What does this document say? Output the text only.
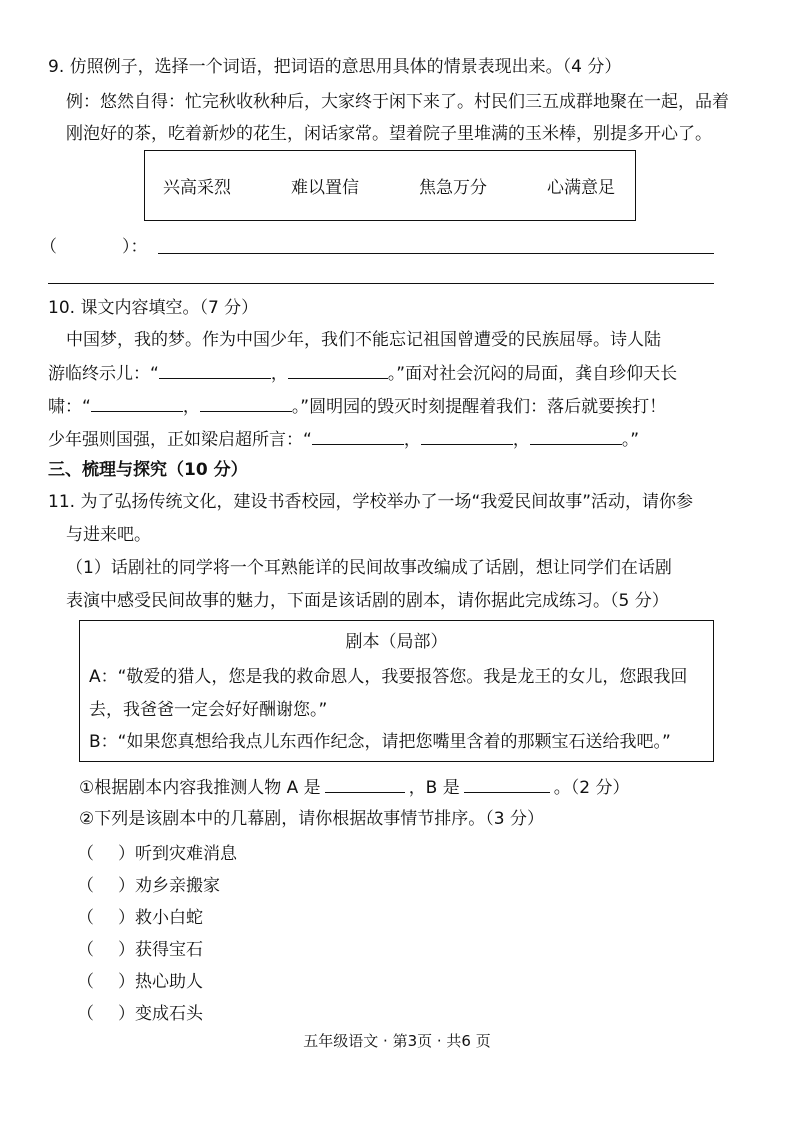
9. 仿照例子，选择一个词语，把词语的意思用具体的情景表现出来。（4 分）
例：悠然自得：忙完秋收秋种后，大家终于闲下来了。村民们三五成群地聚在一起，品着
刚泡好的茶，吃着新炒的花生，闲话家常。望着院子里堆满的玉米棒，别提多开心了。
兴高采烈	难以置信	焦急万分	心满意足
（	）：
10. 课文内容填空。（7 分）
中国梦，我的梦。作为中国少年，我们不能忘记祖国曾遭受的民族屈辱。诗人陆
游临终示儿：“	，	。”面对社会沉闷的局面，龚自珍仰天长
啸：“	，	。”圆明园的毁灭时刻提醒着我们：落后就要挨打！
少年强则国强，正如梁启超所言：“	，	，	。”
三、梳理与探究（10 分）
11. 为了弘扬传统文化，建设书香校园，学校举办了一场“我爱民间故事”活动，请你参
与进来吧。
（1）话剧社的同学将一个耳熟能详的民间故事改编成了话剧，想让同学们在话剧
表演中感受民间故事的魅力，下面是该话剧的剧本，请你据此完成练习。（5 分）
剧本（局部）
A：“敬爱的猎人，您是我的救命恩人，我要报答您。我是龙王的女儿，您跟我回
去，我爸爸一定会好好酬谢您。”
B：“如果您真想给我点儿东西作纪念，请把您嘴里含着的那颗宝石送给我吧。”
①根据剧本内容我推测人物 A 是	，B 是	。（2 分）
②下列是该剧本中的几幕剧，请你根据故事情节排序。（3 分）
（ ）听到灾难消息
（ ）劝乡亲搬家
（ ）救小白蛇
（ ）获得宝石
（ ）热心助人
（ ）变成石头
五年级语文 · 第3页 · 共6 页
